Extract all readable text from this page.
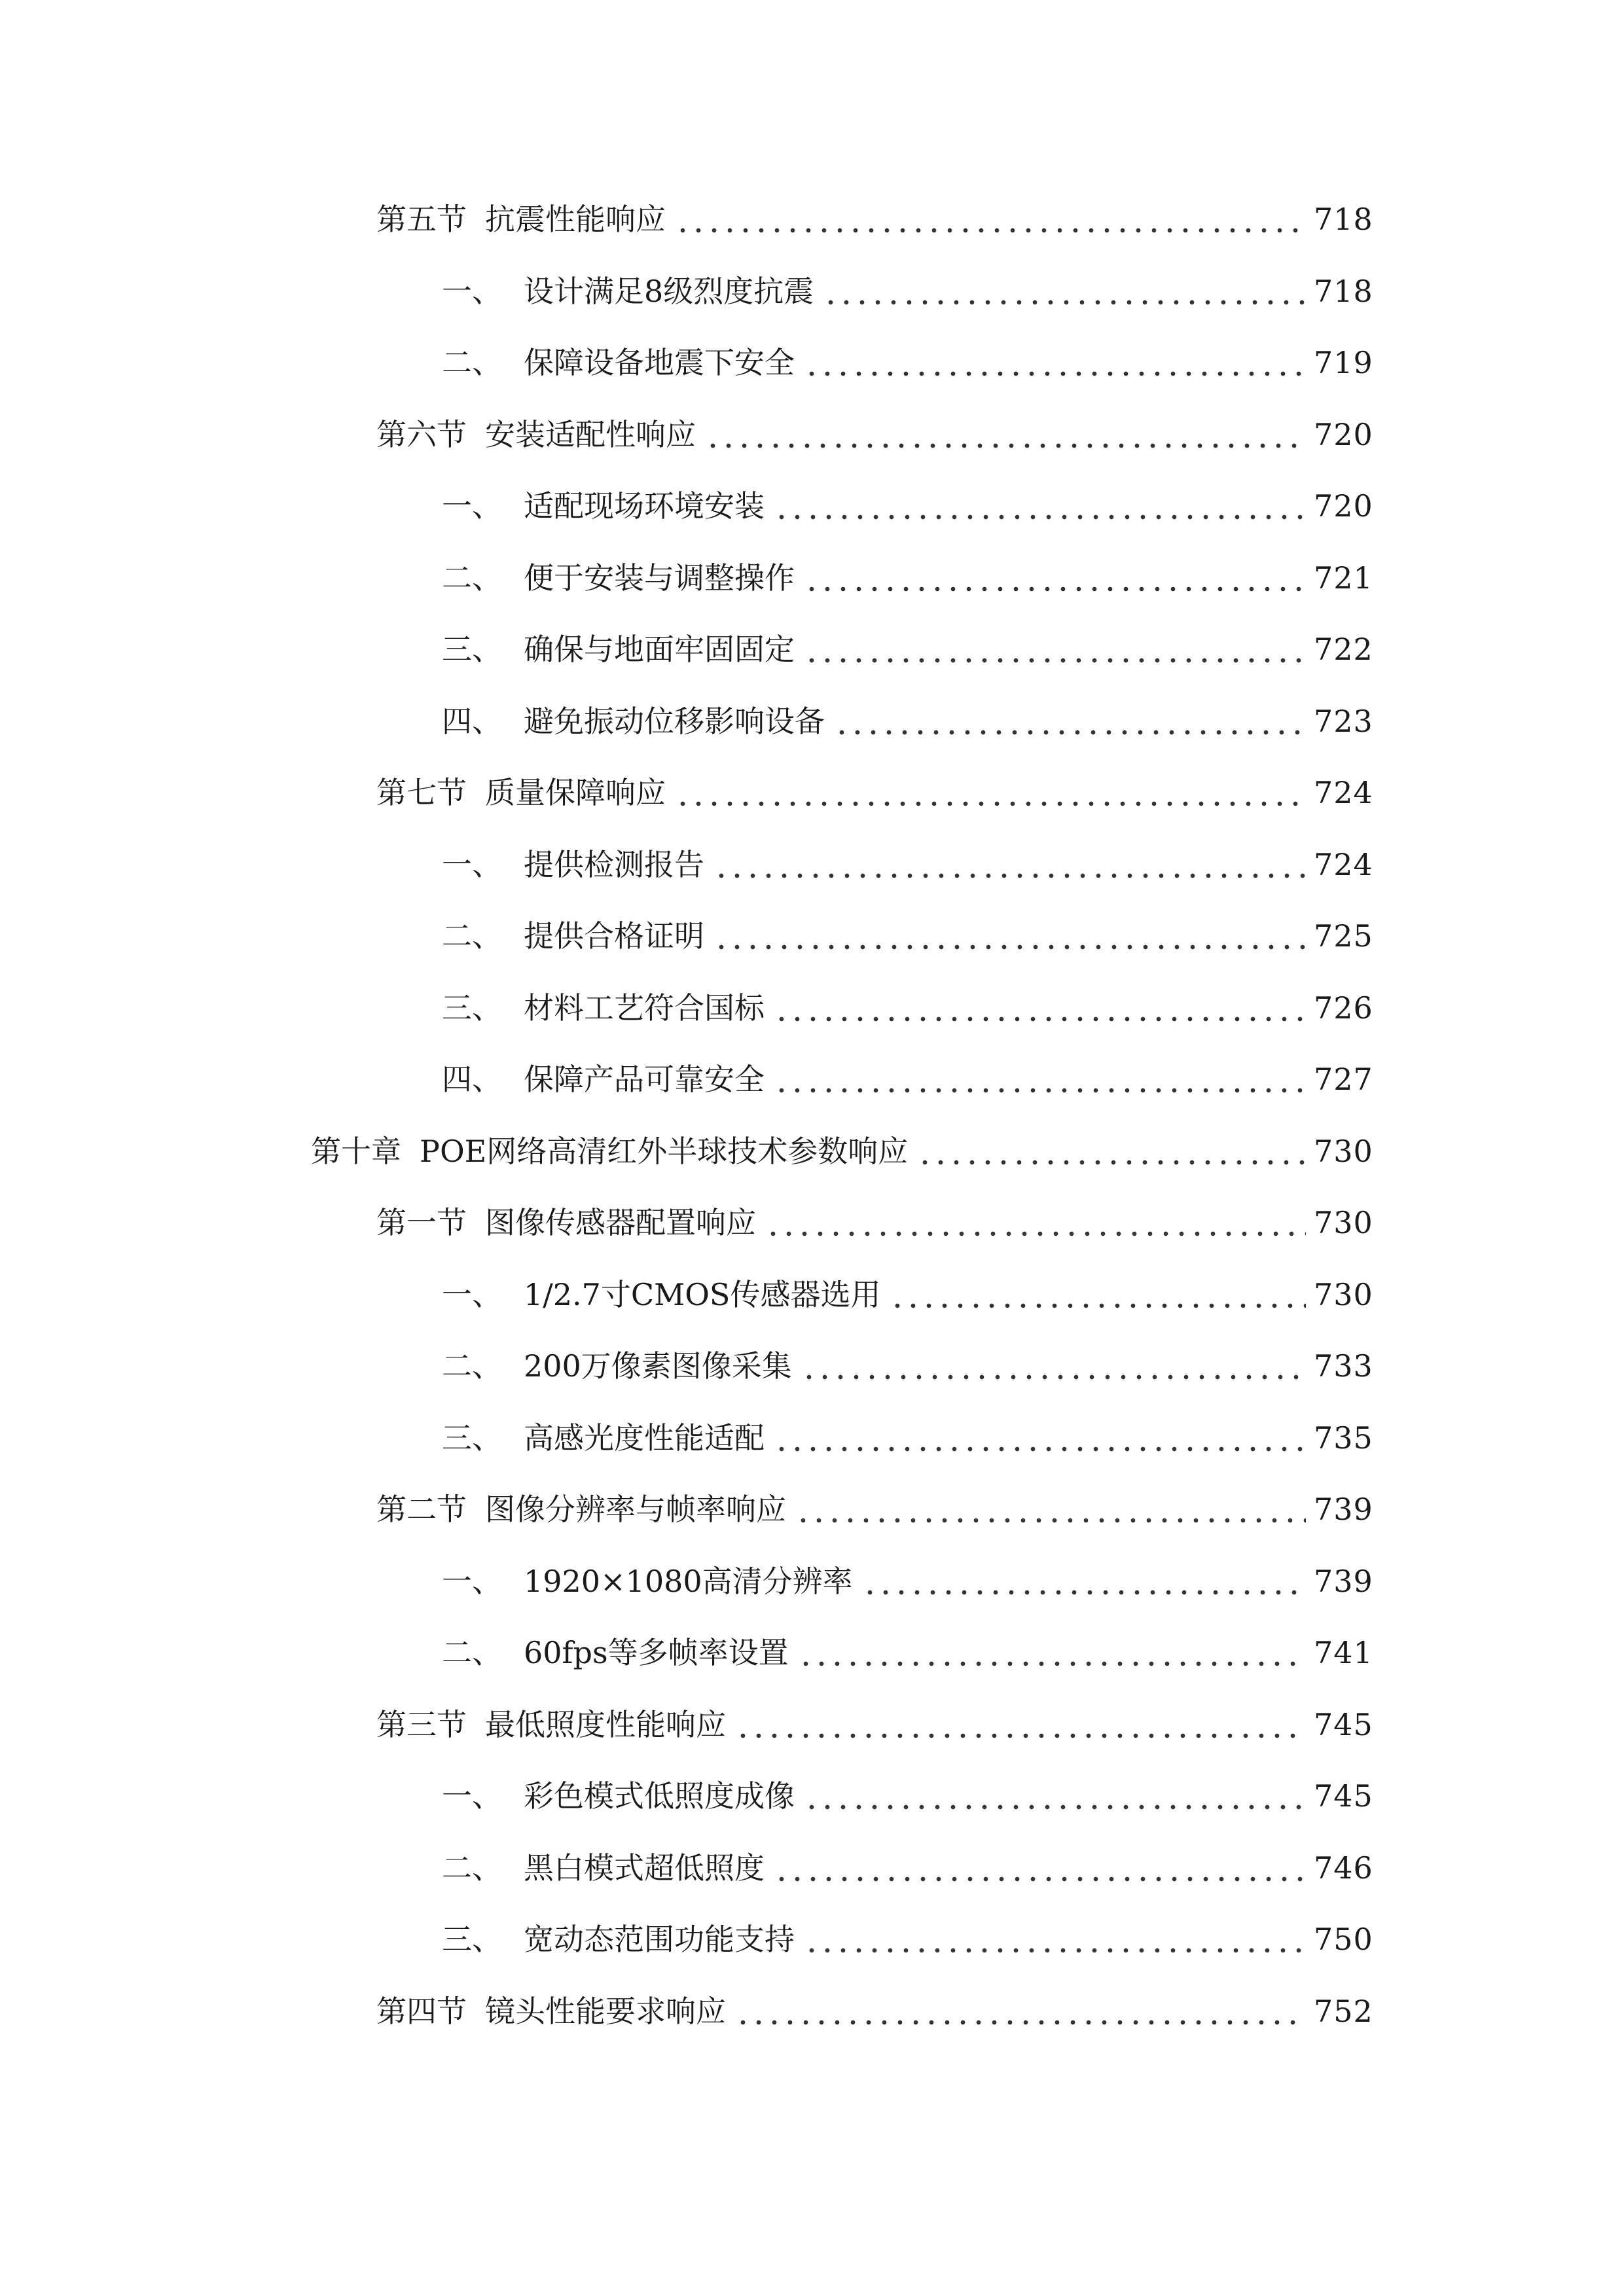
第五节 抗震性能响应	718
一、 设计满足8级烈度抗震	718
二、 保障设备地震下安全	719
第六节 安装适配性响应	720
一、 适配现场环境安装	720
二、 便于安装与调整操作	721
三、 确保与地面牢固固定	722
四、 避免振动位移影响设备	723
第七节 质量保障响应	724
一、 提供检测报告	724
二、 提供合格证明	725
三、 材料工艺符合国标	726
四、 保障产品可靠安全	727
第十章 POE网络高清红外半球技术参数响应	730
第一节 图像传感器配置响应	730
一、 1/2.7寸CMOS传感器选用	730
二、 200万像素图像采集	733
三、 高感光度性能适配	735
第二节 图像分辨率与帧率响应	739
一、 1920×1080高清分辨率	739
二、 60fps等多帧率设置	741
第三节 最低照度性能响应	745
一、 彩色模式低照度成像	745
二、 黑白模式超低照度	746
三、 宽动态范围功能支持	750
第四节 镜头性能要求响应	752
